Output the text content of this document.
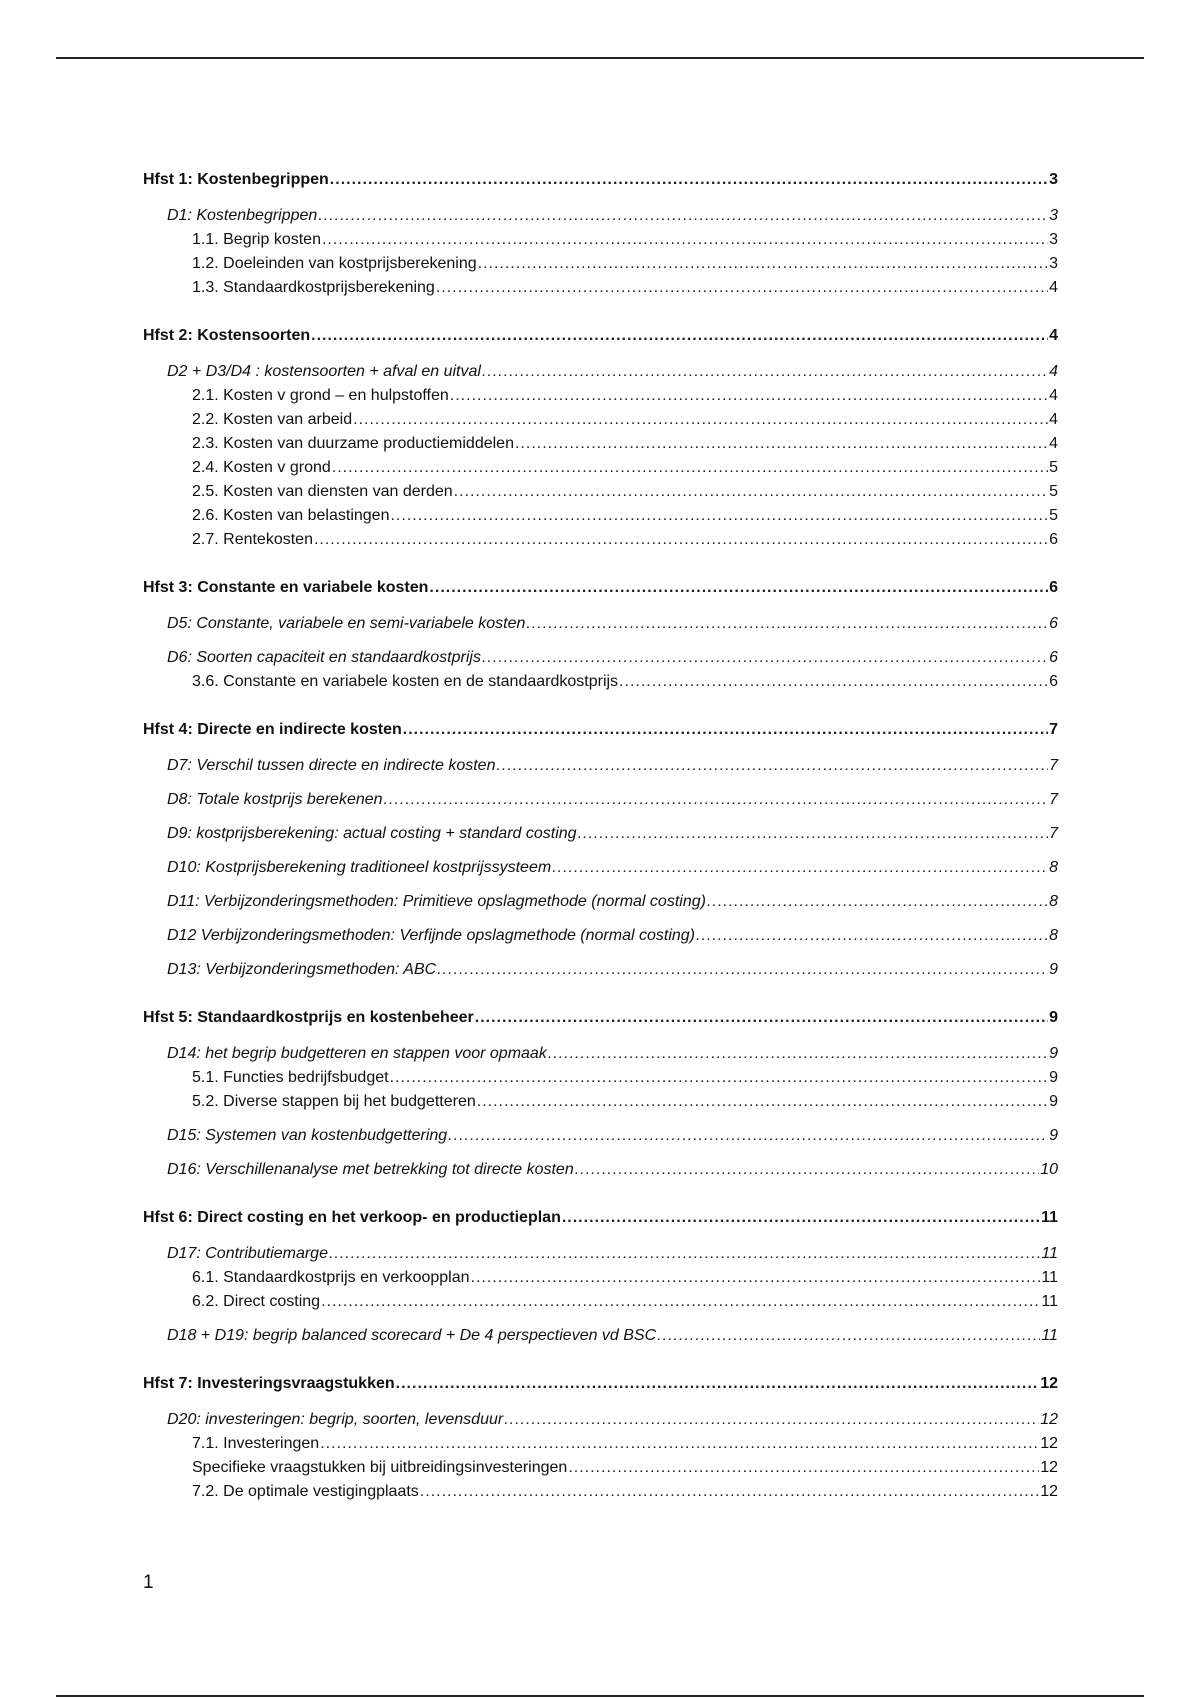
Hfst 1: Kostenbegrippen .....	3
D1: Kostenbegrippen .....	3
1.1. Begrip kosten .....	3
1.2. Doeleinden van kostprijsberekening .....	3
1.3. Standaardkostprijsberekening .....	4
Hfst 2: Kostensoorten .....	4
D2 + D3/D4 : kostensoorten + afval en uitval .....	4
2.1. Kosten v grond – en hulpstoffen .....	4
2.2. Kosten van arbeid .....	4
2.3. Kosten van duurzame productiemiddelen .....	4
2.4. Kosten v grond .....	5
2.5. Kosten van diensten van derden .....	5
2.6. Kosten van belastingen .....	5
2.7. Rentekosten .....	6
Hfst 3: Constante en variabele kosten .....	6
D5: Constante, variabele en semi-variabele kosten .....	6
D6: Soorten capaciteit en standaardkostprijs .....	6
3.6. Constante en variabele kosten en de standaardkostprijs .....	6
Hfst 4: Directe en indirecte kosten .....	7
D7: Verschil tussen directe en indirecte kosten .....	7
D8: Totale kostprijs berekenen .....	7
D9: kostprijsberekening: actual costing + standard costing .....	7
D10: Kostprijsberekening traditioneel kostprijssysteem .....	8
D11: Verbijzonderingsmethoden: Primitieve opslagmethode (normal costing) .....	8
D12 Verbijzonderingsmethoden: Verfijnde opslagmethode (normal costing) .....	8
D13: Verbijzonderingsmethoden: ABC .....	9
Hfst 5: Standaardkostprijs en kostenbeheer .....	9
D14: het begrip budgetteren en stappen voor opmaak .....	9
5.1. Functies bedrijfsbudget .....	9
5.2. Diverse stappen bij het budgetteren .....	9
D15: Systemen van kostenbudgettering .....	9
D16: Verschillenanalyse met betrekking tot directe kosten .....	10
Hfst 6: Direct costing en het verkoop- en productieplan .....	11
D17: Contributiemarge .....	11
6.1. Standaardkostprijs en verkoopplan .....	11
6.2. Direct costing .....	11
D18 + D19: begrip balanced scorecard + De 4 perspectieven vd BSC .....	11
Hfst 7: Investeringsvraagstukken .....	12
D20: investeringen: begrip, soorten, levensduur .....	12
7.1. Investeringen .....	12
Specifieke vraagstukken bij uitbreidingsinvesteringen .....	12
7.2. De optimale vestigingplaats .....	12
1
